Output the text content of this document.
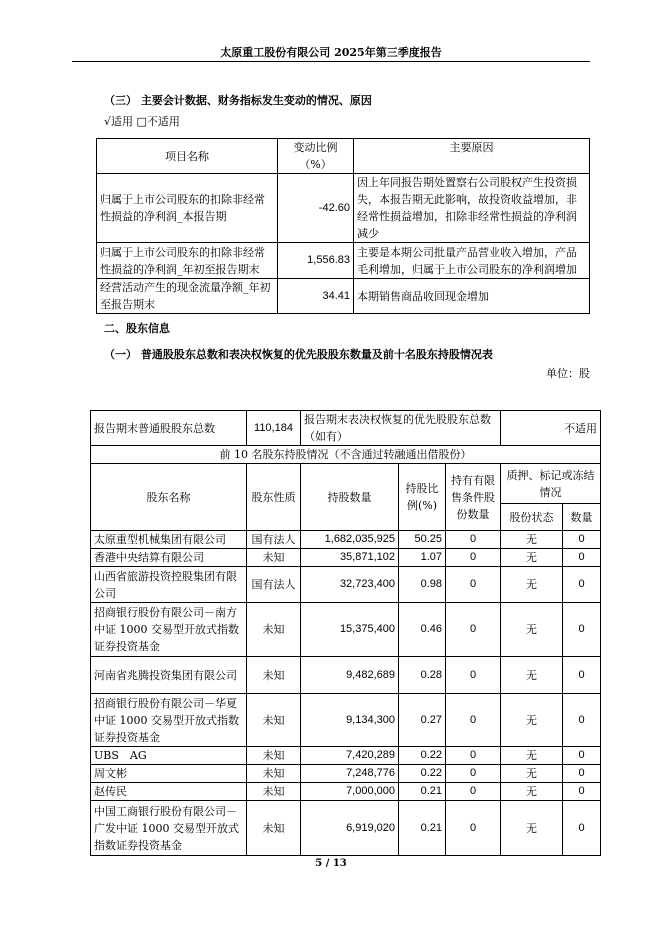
太原重工股份有限公司 2025年第三季度报告
（三） 主要会计数据、财务指标发生变动的情况、原因
√适用 □不适用
项目名称	变动比例（%）	主要原因
归属于上市公司股东的扣除非经常性损益的净利润_本报告期	-42.60	因上年同报告期处置察右公司股权产生投资损失，本报告期无此影响，故投资收益增加，非经常性损益增加，扣除非经常性损益的净利润减少
归属于上市公司股东的扣除非经常性损益的净利润_年初至报告期末	1,556.83	主要是本期公司批量产品营业收入增加，产品毛利增加，归属于上市公司股东的净利润增加
经营活动产生的现金流量净额_年初至报告期末	34.41	本期销售商品收回现金增加
二、股东信息
（一） 普通股股东总数和表决权恢复的优先股股东数量及前十名股东持股情况表
单位：股
报告期末普通股股东总数	110,184	报告期末表决权恢复的优先股股东总数（如有）			不适用	
前 10 名股东持股情况（不含通过转融通出借股份）						
股东名称	股东性质	持股数量	持股比例(%)	持有有限售条件股份数量	质押、标记或冻结情况	
					股份状态	数量
太原重型机械集团有限公司	国有法人	1,682,035,925	50.25	0	无	0
香港中央结算有限公司	未知	35,871,102	1.07	0	无	0
山西省旅游投资控股集团有限公司	国有法人	32,723,400	0.98	0	无	0
招商银行股份有限公司－南方中证 1000 交易型开放式指数证券投资基金	未知	15,375,400	0.46	0	无	0
河南省兆腾投资集团有限公司	未知	9,482,689	0.28	0	无	0
招商银行股份有限公司－华夏中证 1000 交易型开放式指数证券投资基金	未知	9,134,300	0.27	0	无	0
UBS　AG	未知	7,420,289	0.22	0	无	0
周文彬	未知	7,248,776	0.22	0	无	0
赵传民	未知	7,000,000	0.21	0	无	0
中国工商银行股份有限公司－广发中证 1000 交易型开放式指数证券投资基金	未知	6,919,020	0.21	0	无	0
5 / 13
